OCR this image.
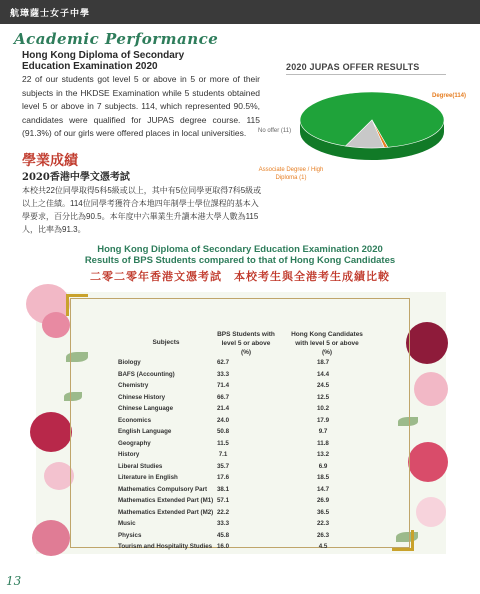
航璋薩士女子中學
Academic Performance
Hong Kong Diploma of Secondary
Education Examination 2020

22 of our students got level 5 or above in 5 or more of their subjects in the HKDSE Examination while 5 students obtained level 5 or above in 7 subjects. 114, which represented 90.5%, candidates were qualified for JUPAS degree course. 115 (91.3%) of our girls were offered places in local universities.

學業成績
2020香港中學文憑考試

本校共22位同學取得5科5級或以上，其中有5位同學更取得7科5級或以上之佳績。114位同學考獲符合本地四年制學士學位課程的基本入學要求，百分比為90.5。本年度中六畢業生升讀本港大學人數為115人，比率為91.3。

2020 JUPAS OFFER RESULTS
Degree(114)
No offer (11)
Associate Degree / High Diploma (1)
Hong Kong Diploma of Secondary Education Examination 2020
Results of BPS Students compared to that of Hong Kong Candidates
二零二零年香港文憑考試　本校考生與全港考生成績比較
Subjects
BPS Students with
level 5 or above
(%)
Hong Kong Candidates
with level 5 or above
(%)
Biology	62.7	18.7
BAFS (Accounting)	33.3	14.4
Chemistry	71.4	24.5
Chinese History	66.7	12.5
Chinese Language	21.4	10.2
Economics	24.0	17.9
English Language	50.8	9.7
Geography	11.5	11.8
History	7.1	13.2
Liberal Studies	35.7	6.9
Literature in English	17.6	18.5
Mathematics Compulsory Part	38.1	14.7
Mathematics Extended Part (M1) 57.1	26.9
Mathematics Extended Part (M2) 22.2	36.5
Music	33.3	22.3
Physics	45.8	26.3
Tourism and Hospitality Studies 16.0	4.5
13
